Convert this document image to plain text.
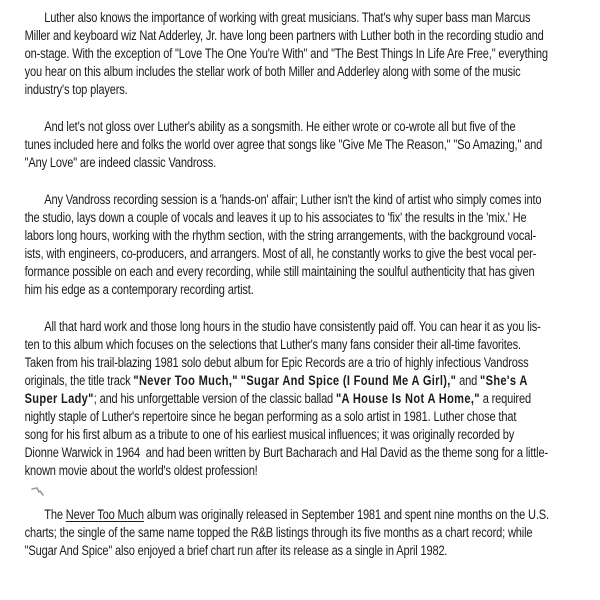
Luther also knows the importance of working with great musicians. That's why super bass man Marcus
Miller and keyboard wiz Nat Adderley, Jr. have long been partners with Luther both in the recording studio and
on-stage. With the exception of "Love The One You're With" and "The Best Things In Life Are Free," everything
you hear on this album includes the stellar work of both Miller and Adderley along with some of the music
industry's top players.

And let's not gloss over Luther's ability as a songsmith. He either wrote or co-wrote all but five of the
tunes included here and folks the world over agree that songs like "Give Me The Reason," "So Amazing," and
"Any Love" are indeed classic Vandross.

Any Vandross recording session is a 'hands-on' affair; Luther isn't the kind of artist who simply comes into
the studio, lays down a couple of vocals and leaves it up to his associates to 'fix' the results in the 'mix.' He
labors long hours, working with the rhythm section, with the string arrangements, with the background vocal-
ists, with engineers, co-producers, and arrangers. Most of all, he constantly works to give the best vocal per-
formance possible on each and every recording, while still maintaining the soulful authenticity that has given
him his edge as a contemporary recording artist.

All that hard work and those long hours in the studio have consistently paid off. You can hear it as you lis-
ten to this album which focuses on the selections that Luther's many fans consider their all-time favorites.
Taken from his trail-blazing 1981 solo debut album for Epic Records are a trio of highly infectious Vandross
originals, the title track "Never Too Much," "Sugar And Spice (I Found Me A Girl)," and "She's A
Super Lady"; and his unforgettable version of the classic ballad "A House Is Not A Home," a required
nightly staple of Luther's repertoire since he began performing as a solo artist in 1981. Luther chose that
song for his first album as a tribute to one of his earliest musical influences; it was originally recorded by
Dionne Warwick in 1964  and had been written by Burt Bacharach and Hal David as the theme song for a little-
known movie about the world's oldest profession!

The Never Too Much album was originally released in September 1981 and spent nine months on the U.S.
charts; the single of the same name topped the R&B listings through its five months as a chart record; while
"Sugar And Spice" also enjoyed a brief chart run after its release as a single in April 1982.
